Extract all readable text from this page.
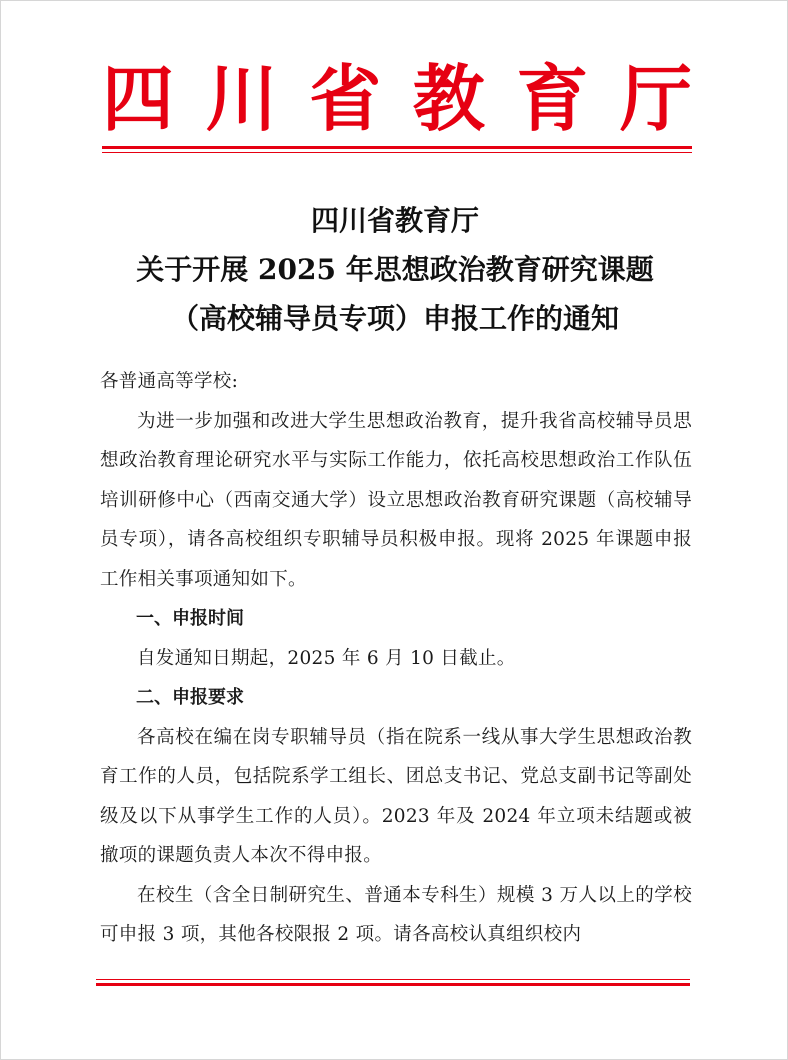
四 川 省 教 育 厅
四川省教育厅
关于开展 2025 年思想政治教育研究课题
（高校辅导员专项）申报工作的通知

各普通高等学校:

为进一步加强和改进大学生思想政治教育，提升我省高校辅导员思想政治教育理论研究水平与实际工作能力，依托高校思想政治工作队伍培训研修中心（西南交通大学）设立思想政治教育研究课题（高校辅导员专项），请各高校组织专职辅导员积极申报。现将 2025 年课题申报工作相关事项通知如下。

一、申报时间

自发通知日期起，2025 年 6 月 10 日截止。

二、申报要求

各高校在编在岗专职辅导员（指在院系一线从事大学生思想政治教育工作的人员，包括院系学工组长、团总支书记、党总支副书记等副处级及以下从事学生工作的人员）。2023 年及 2024 年立项未结题或被撤项的课题负责人本次不得申报。

在校生（含全日制研究生、普通本专科生）规模 3 万人以上的学校可申报 3 项，其他各校限报 2 项。请各高校认真组织校内
